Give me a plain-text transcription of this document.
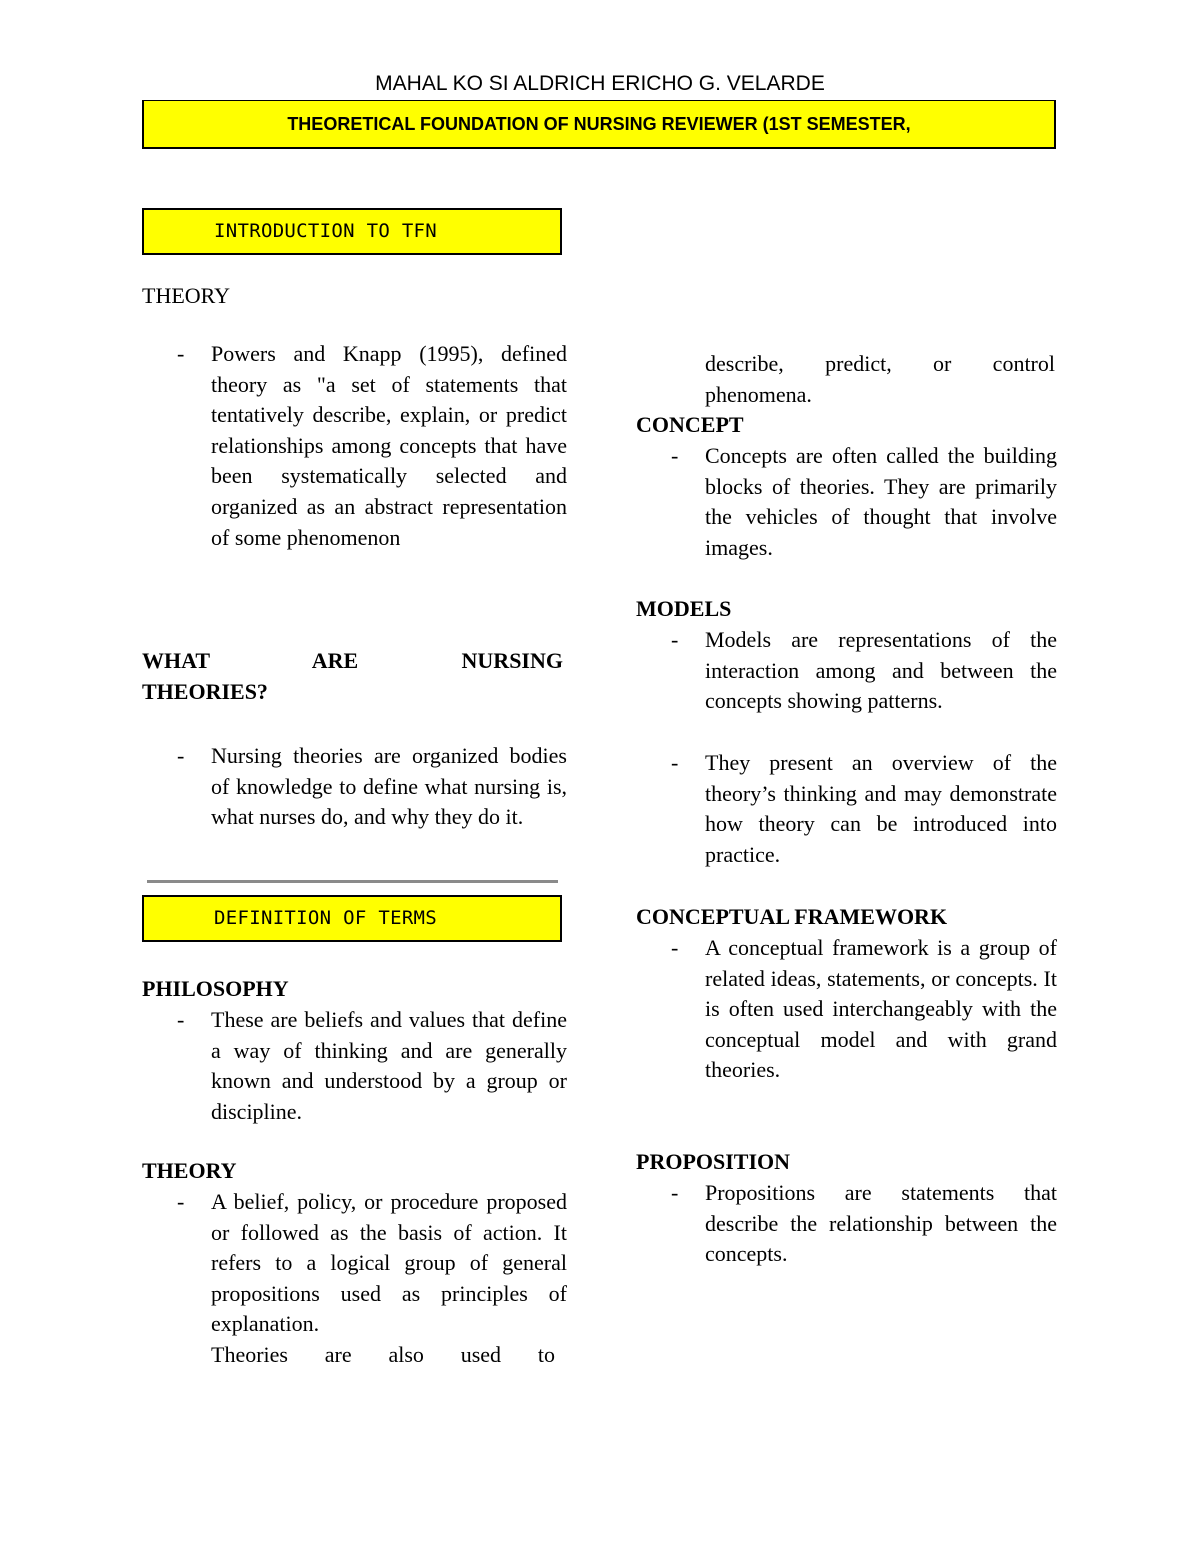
MAHAL KO SI ALDRICH ERICHO G. VELARDE
THEORETICAL FOUNDATION OF NURSING REVIEWER (1ST SEMESTER,
INTRODUCTION TO TFN
THEORY
- Powers and Knapp (1995), defined theory as "a set of statements that tentatively describe, explain, or predict relationships among concepts that have been systematically selected and organized as an abstract representation of some phenomenon
WHAT ARE NURSING
THEORIES?
- Nursing theories are organized bodies of knowledge to define what nursing is, what nurses do, and why they do it.
DEFINITION OF TERMS
PHILOSOPHY
- These are beliefs and values that define a way of thinking and are generally known and understood by a group or discipline.
THEORY
- A belief, policy, or procedure proposed or followed as the basis of action. It refers to a logical group of general propositions used as principles of explanation.
Theories are also used to
describe, predict, or control
phenomena.
CONCEPT
- Concepts are often called the building blocks of theories. They are primarily the vehicles of thought that involve images.
MODELS
- Models are representations of the interaction among and between the concepts showing patterns.
- They present an overview of the theory’s thinking and may demonstrate how theory can be introduced into practice.
CONCEPTUAL FRAMEWORK
- A conceptual framework is a group of related ideas, statements, or concepts. It is often used interchangeably with the conceptual model and with grand theories.
PROPOSITION
- Propositions are statements that describe the relationship between the concepts.
